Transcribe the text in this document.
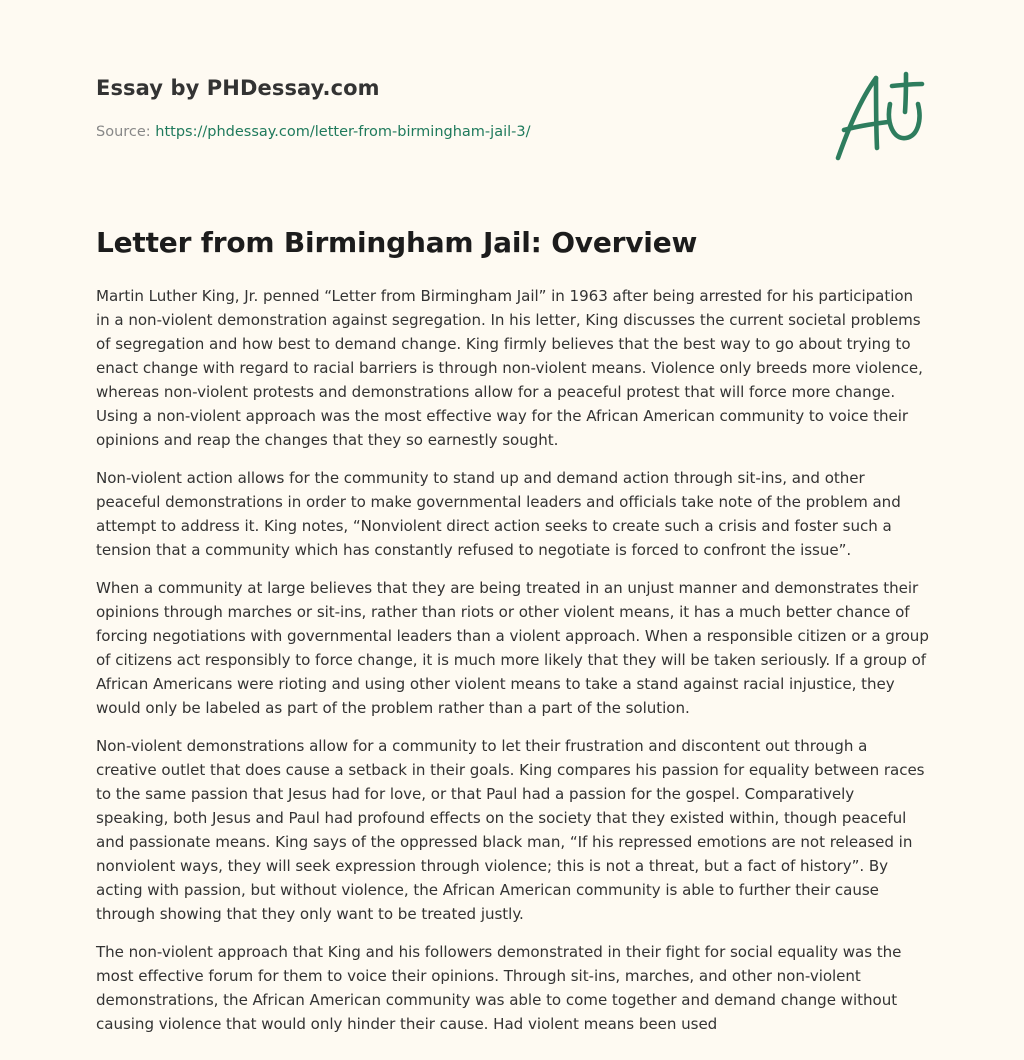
Essay by PHDessay.com

Source: https://phdessay.com/letter-from-birmingham-jail-3/

Letter from Birmingham Jail: Overview

Martin Luther King, Jr. penned “Letter from Birmingham Jail” in 1963 after being arrested for his participation in a non-violent demonstration against segregation. In his letter, King discusses the current societal problems of segregation and how best to demand change. King firmly believes that the best way to go about trying to enact change with regard to racial barriers is through non-violent means. Violence only breeds more violence, whereas non-violent protests and demonstrations allow for a peaceful protest that will force more change. Using a non-violent approach was the most effective way for the African American community to voice their opinions and reap the changes that they so earnestly sought.

Non-violent action allows for the community to stand up and demand action through sit-ins, and other peaceful demonstrations in order to make governmental leaders and officials take note of the problem and attempt to address it. King notes, “Nonviolent direct action seeks to create such a crisis and foster such a tension that a community which has constantly refused to negotiate is forced to confront the issue”.

When a community at large believes that they are being treated in an unjust manner and demonstrates their opinions through marches or sit-ins, rather than riots or other violent means, it has a much better chance of forcing negotiations with governmental leaders than a violent approach. When a responsible citizen or a group of citizens act responsibly to force change, it is much more likely that they will be taken seriously. If a group of African Americans were rioting and using other violent means to take a stand against racial injustice, they would only be labeled as part of the problem rather than a part of the solution.

Non-violent demonstrations allow for a community to let their frustration and discontent out through a creative outlet that does cause a setback in their goals. King compares his passion for equality between races to the same passion that Jesus had for love, or that Paul had a passion for the gospel. Comparatively speaking, both Jesus and Paul had profound effects on the society that they existed within, though peaceful and passionate means. King says of the oppressed black man, “If his repressed emotions are not released in nonviolent ways, they will seek expression through violence; this is not a threat, but a fact of history”. By acting with passion, but without violence, the African American community is able to further their cause through showing that they only want to be treated justly.

The non-violent approach that King and his followers demonstrated in their fight for social equality was the most effective forum for them to voice their opinions. Through sit-ins, marches, and other non-violent demonstrations, the African American community was able to come together and demand change without causing violence that would only hinder their cause. Had violent means been used
